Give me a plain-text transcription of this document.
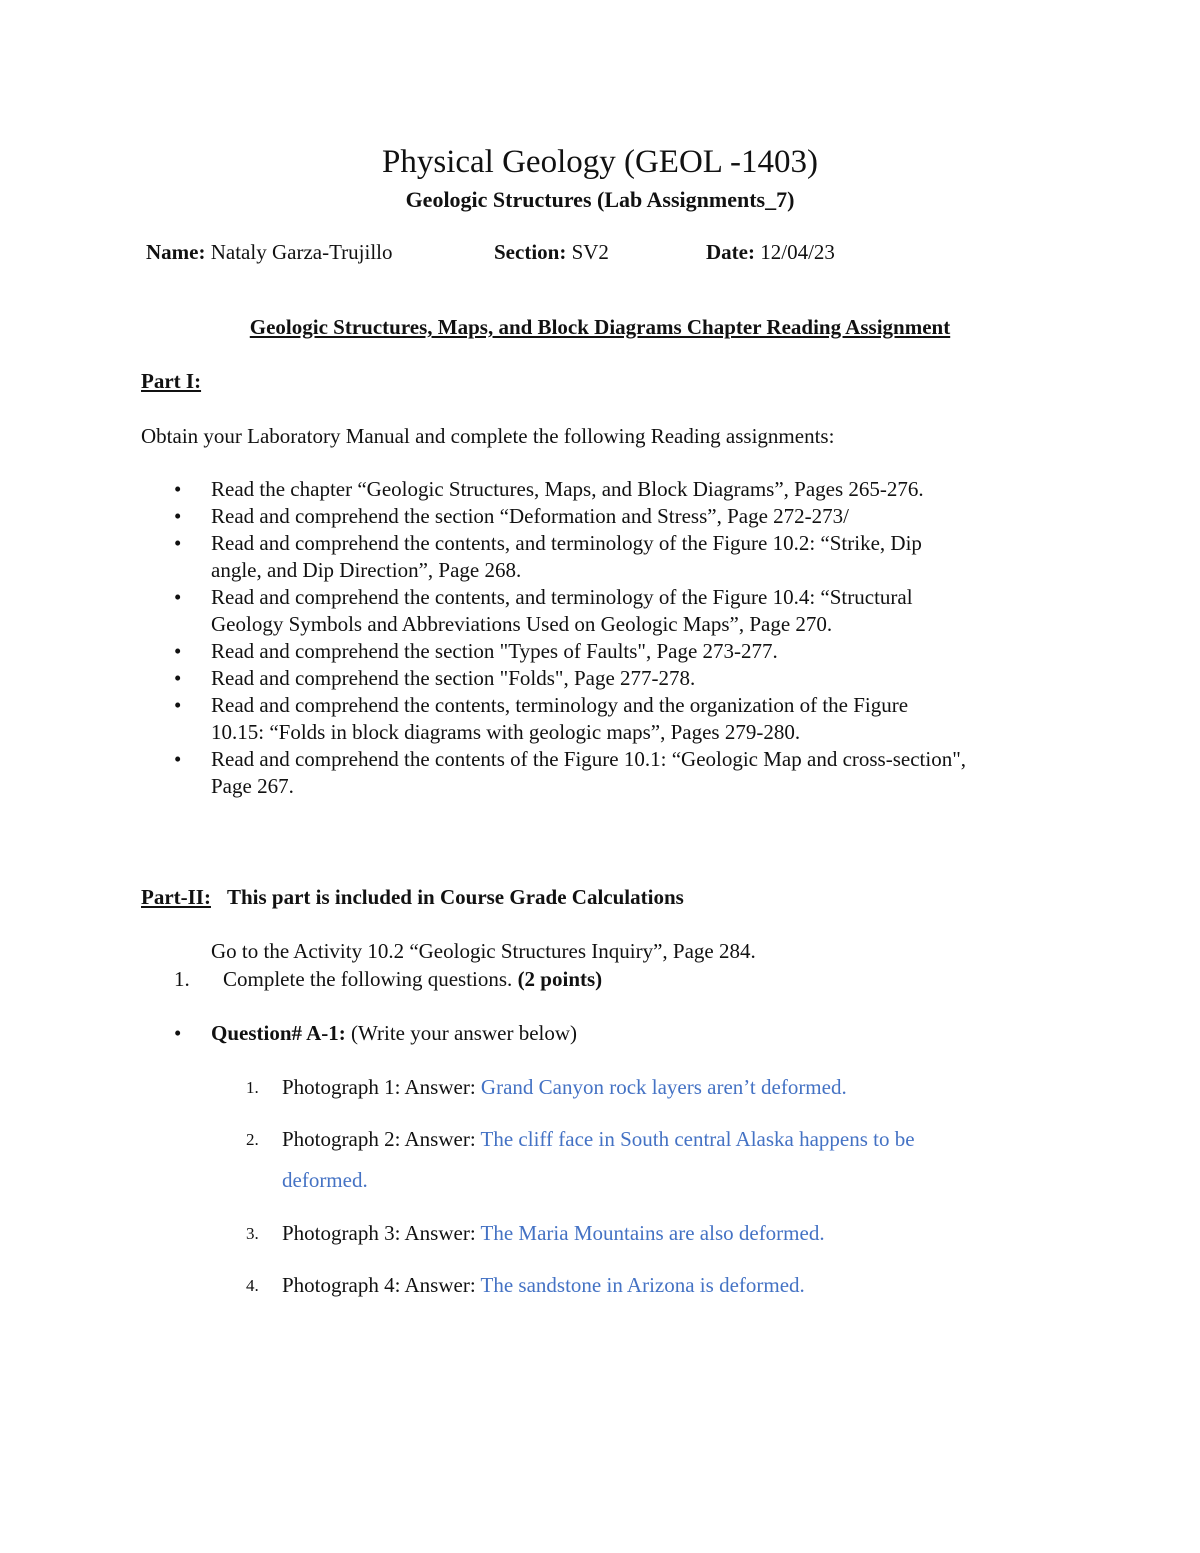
Physical Geology (GEOL -1403)
Geologic Structures (Lab Assignments_7)
Name: Nataly Garza-Trujillo	Section: SV2	Date: 12/04/23
Geologic Structures, Maps, and Block Diagrams Chapter Reading Assignment
Part I:
Obtain your Laboratory Manual and complete the following Reading assignments:
• Read the chapter “Geologic Structures, Maps, and Block Diagrams”, Pages 265-276.
• Read and comprehend the section “Deformation and Stress”, Page 272-273/
• Read and comprehend the contents, and terminology of the Figure 10.2: “Strike, Dip
angle, and Dip Direction”, Page 268.
• Read and comprehend the contents, and terminology of the Figure 10.4: “Structural
Geology Symbols and Abbreviations Used on Geologic Maps”, Page 270.
• Read and comprehend the section "Types of Faults", Page 273-277.
• Read and comprehend the section "Folds", Page 277-278.
• Read and comprehend the contents, terminology and the organization of the Figure
10.15: “Folds in block diagrams with geologic maps”, Pages 279-280.
• Read and comprehend the contents of the Figure 10.1: “Geologic Map and cross-section",
Page 267.
Part-II: This part is included in Course Grade Calculations
Go to the Activity 10.2 “Geologic Structures Inquiry”, Page 284.
1. Complete the following questions. (2 points)
• Question# A-1: (Write your answer below)
1. Photograph 1: Answer: Grand Canyon rock layers aren’t deformed.
2. Photograph 2: Answer: The cliff face in South central Alaska happens to be
deformed.
3. Photograph 3: Answer: The Maria Mountains are also deformed.
4. Photograph 4: Answer: The sandstone in Arizona is deformed.
